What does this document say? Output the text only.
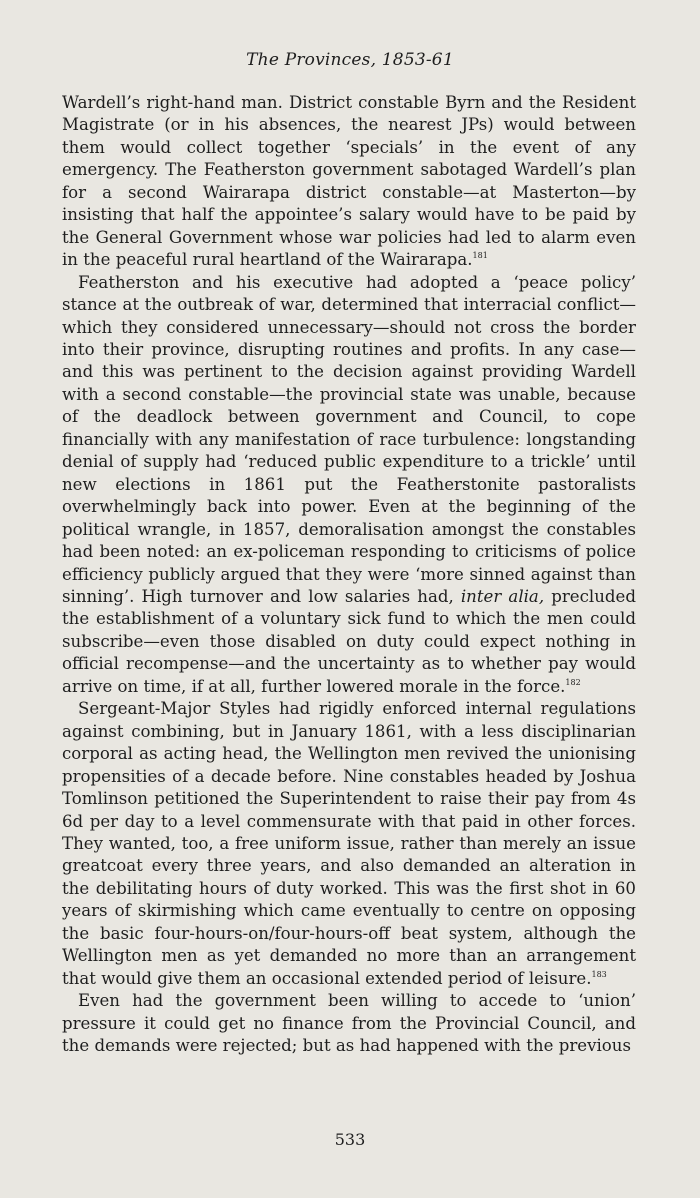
The Provinces, 1853-61

Wardell’s right-hand man. District constable Byrn and the Resident Magistrate (or in his absences, the nearest JPs) would between them would collect together ‘specials’ in the event of any emergency. The Featherston government sabotaged Wardell’s plan for a second Wairarapa district constable—at Masterton—by insisting that half the appointee’s salary would have to be paid by the General Government whose war policies had led to alarm even in the peaceful rural heartland of the Wairarapa.$^{181}$

Featherston and his executive had adopted a ‘peace policy’ stance at the outbreak of war, determined that interracial conflict—which they considered unnecessary—should not cross the border into their province, disrupting routines and profits. In any case—and this was pertinent to the decision against providing Wardell with a second constable—the provincial state was unable, because of the deadlock between government and Council, to cope financially with any manifestation of race turbulence: longstanding denial of supply had ‘reduced public expenditure to a trickle’ until new elections in 1861 put the Featherstonite pastoralists overwhelmingly back into power. Even at the beginning of the political wrangle, in 1857, demoralisation amongst the constables had been noted: an ex-policeman responding to criticisms of police efficiency publicly argued that they were ‘more sinned against than sinning’. High turnover and low salaries had, inter alia, precluded the establishment of a voluntary sick fund to which the men could subscribe—even those disabled on duty could expect nothing in official recompense—and the uncertainty as to whether pay would arrive on time, if at all, further lowered morale in the force.$^{182}$

Sergeant-Major Styles had rigidly enforced internal regulations against combining, but in January 1861, with a less disciplinarian corporal as acting head, the Wellington men revived the unionising propensities of a decade before. Nine constables headed by Joshua Tomlinson petitioned the Superintendent to raise their pay from 4s 6d per day to a level commensurate with that paid in other forces. They wanted, too, a free uniform issue, rather than merely an issue greatcoat every three years, and also demanded an alteration in the debilitating hours of duty worked. This was the first shot in 60 years of skirmishing which came eventually to centre on opposing the basic four-hours-on/four-hours-off beat system, although the Wellington men as yet demanded no more than an arrangement that would give them an occasional extended period of leisure.$^{183}$

Even had the government been willing to accede to ‘union’ pressure it could get no finance from the Provincial Council, and the demands were rejected; but as had happened with the previous

533
